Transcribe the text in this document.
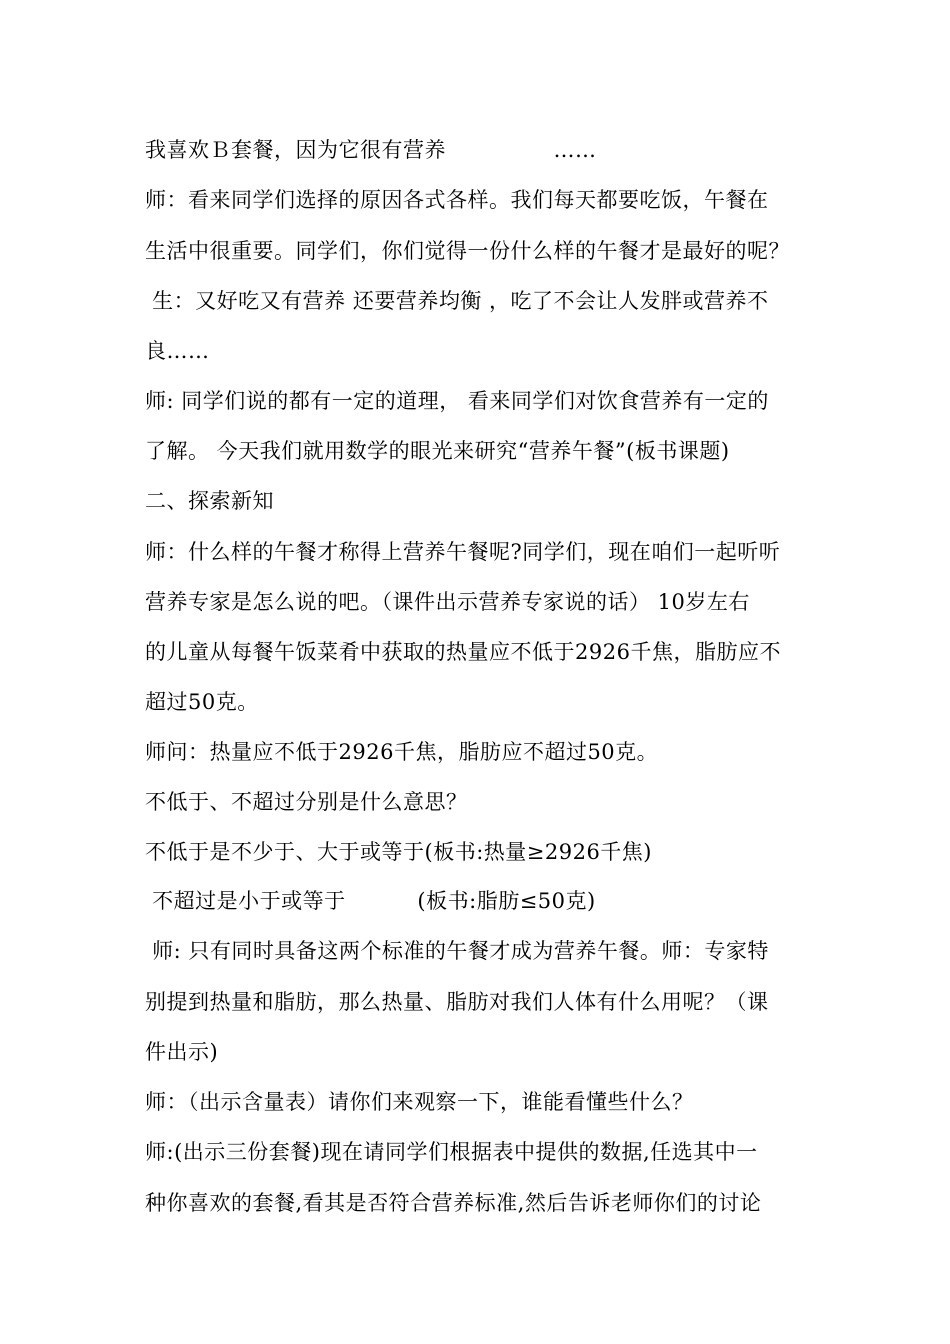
我喜欢Ｂ套餐，因为它很有营养　　　　　……
师：看来同学们选择的原因各式各样。我们每天都要吃饭，午餐在
生活中很重要。同学们，你们觉得一份什么样的午餐才是最好的呢？
生：又好吃又有营养 还要营养均衡 ，吃了不会让人发胖或营养不
良……
师: 同学们说的都有一定的道理， 看来同学们对饮食营养有一定的
了解。 今天我们就用数学的眼光来研究“营养午餐”(板书课题)
二、探索新知
师：什么样的午餐才称得上营养午餐呢?同学们，现在咱们一起听听
营养专家是怎么说的吧。（课件出示营养专家说的话） 10岁左右
的儿童从每餐午饭菜肴中获取的热量应不低于2926千焦，脂肪应不
超过50克。
师问：热量应不低于2926千焦，脂肪应不超过50克。
不低于、不超过分别是什么意思？
不低于是不少于、大于或等于(板书:热量≥2926千焦)
不超过是小于或等于          (板书:脂肪≤50克)
师: 只有同时具备这两个标准的午餐才成为营养午餐。师：专家特
别提到热量和脂肪，那么热量、脂肪对我们人体有什么用呢？（课
件出示)
师：（出示含量表）请你们来观察一下，谁能看懂些什么？
师:(出示三份套餐)现在请同学们根据表中提供的数据,任选其中一
种你喜欢的套餐,看其是否符合营养标准,然后告诉老师你们的讨论
